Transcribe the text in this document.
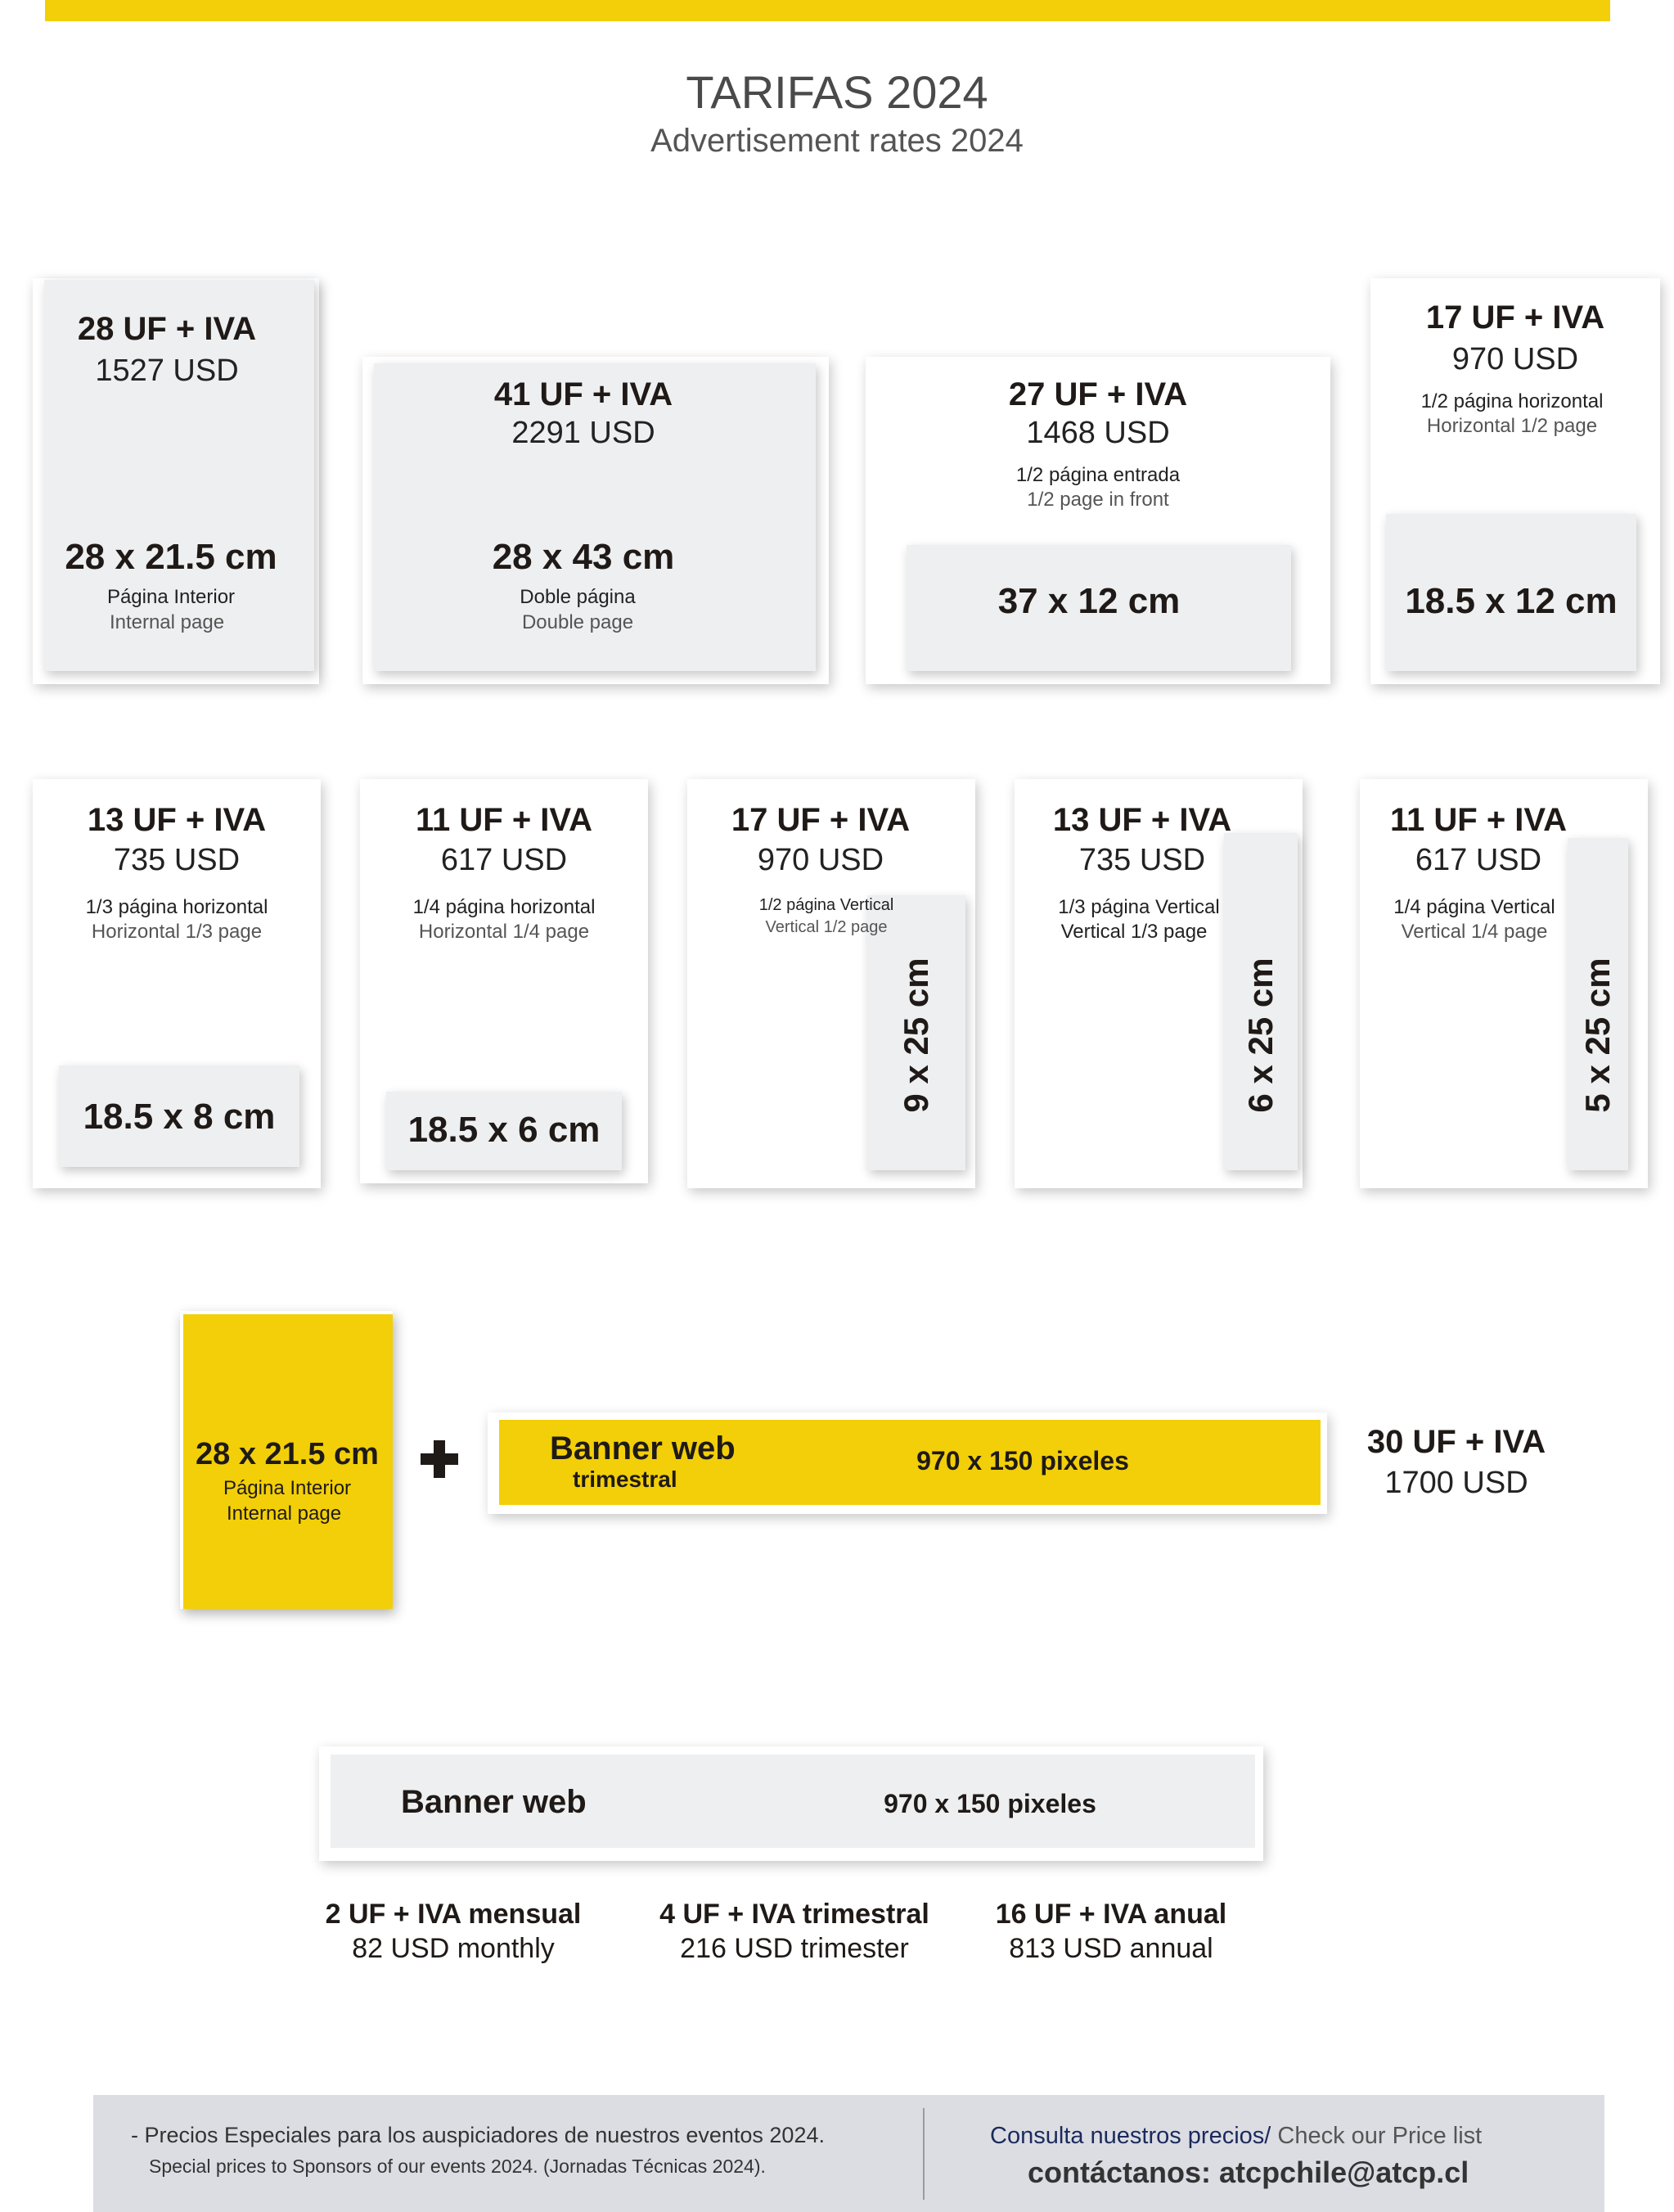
TARIFAS 2024
Advertisement rates 2024
28 UF + IVA
1527 USD
28 x 21.5 cm
Página Interior
Internal page
41 UF + IVA
2291 USD
28 x 43 cm
Doble página
Double page
27 UF + IVA
1468 USD
1/2 página entrada
1/2 page in front
37 x 12 cm
17 UF + IVA
970 USD
1/2 página horizontal
Horizontal 1/2 page
18.5 x 12 cm
13 UF + IVA
735 USD
1/3 página horizontal
Horizontal 1/3 page
18.5 x 8 cm
11 UF + IVA
617 USD
1/4 página horizontal
Horizontal 1/4 page
18.5 x 6 cm
17 UF + IVA
970 USD
1/2 página Vertical
Vertical 1/2 page
9 x 25 cm
13 UF + IVA
735 USD
1/3 página Vertical
Vertical 1/3 page
6 x 25 cm
11 UF + IVA
617 USD
1/4 página Vertical
Vertical 1/4 page
5 x 25 cm
28 x 21.5 cm
Página Interior
Internal page
Banner web
trimestral
970 x 150 pixeles
30 UF + IVA
1700 USD
Banner web	970 x 150 pixeles
2 UF + IVA mensual
82 USD monthly
4 UF + IVA trimestral
216 USD trimester
16 UF + IVA anual
813 USD annual
- Precios Especiales para los auspiciadores de nuestros eventos 2024.
Special prices to Sponsors of our events 2024. (Jornadas Técnicas 2024).
Consulta nuestros precios/ Check our Price list
contáctanos: atcpchile@atcp.cl
